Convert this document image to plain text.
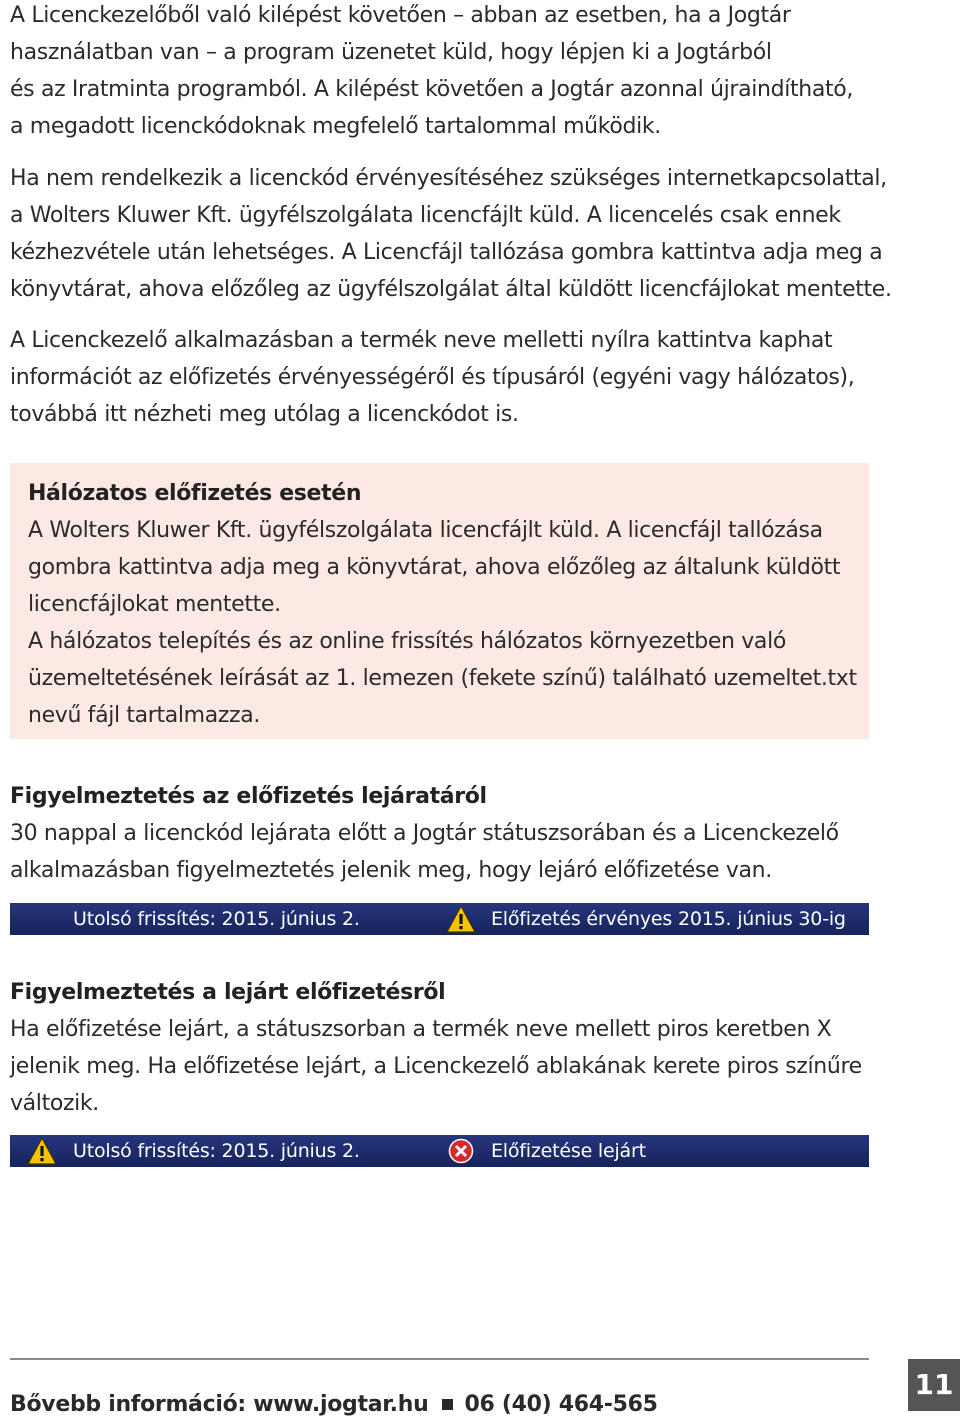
A Licenckezelőből való kilépést követően – abban az esetben, ha a Jogtár
használatban van – a program üzenetet küld, hogy lépjen ki a Jogtárból
és az Iratminta programból. A kilépést követően a Jogtár azonnal újraindítható,
a megadott licenckódoknak megfelelő tartalommal működik.

Ha nem rendelkezik a licenckód érvényesítéséhez szükséges internetkapcsolattal,
a Wolters Kluwer Kft. ügyfélszolgálata licencfájlt küld. A licencelés csak ennek
kézhezvétele után lehetséges. A Licencfájl tallózása gombra kattintva adja meg a
könyvtárat, ahova előzőleg az ügyfélszolgálat által küldött licencfájlokat mentette.

A Licenckezelő alkalmazásban a termék neve melletti nyílra kattintva kaphat
információt az előfizetés érvényességéről és típusáról (egyéni vagy hálózatos),
továbbá itt nézheti meg utólag a licenckódot is.

Hálózatos előfizetés esetén

A Wolters Kluwer Kft. ügyfélszolgálata licencfájlt küld. A licencfájl tallózása
gombra kattintva adja meg a könyvtárat, ahova előzőleg az általunk küldött
licencfájlokat mentette.
A hálózatos telepítés és az online frissítés hálózatos környezetben való
üzemeltetésének leírását az 1. lemezen (fekete színű) található uzemeltet.txt
nevű fájl tartalmazza.

Figyelmeztetés az előfizetés lejáratáról

30 nappal a licenckód lejárata előtt a Jogtár státuszsorában és a Licenckezelő
alkalmazásban figyelmeztetés jelenik meg, hogy lejáró előfizetése van.

Utolsó frissítés: 2015. június 2.	Előfizetés érvényes 2015. június 30-ig
Figyelmeztetés a lejárt előfizetésről

Ha előfizetése lejárt, a státuszsorban a termék neve mellett piros keretben X
jelenik meg. Ha előfizetése lejárt, a Licenckezelő ablakának kerete piros színűre
változik.

Utolsó frissítés: 2015. június 2.	Előfizetése lejárt
Bővebb információ: www.jogtar.hu 06 (40) 464-565
11
